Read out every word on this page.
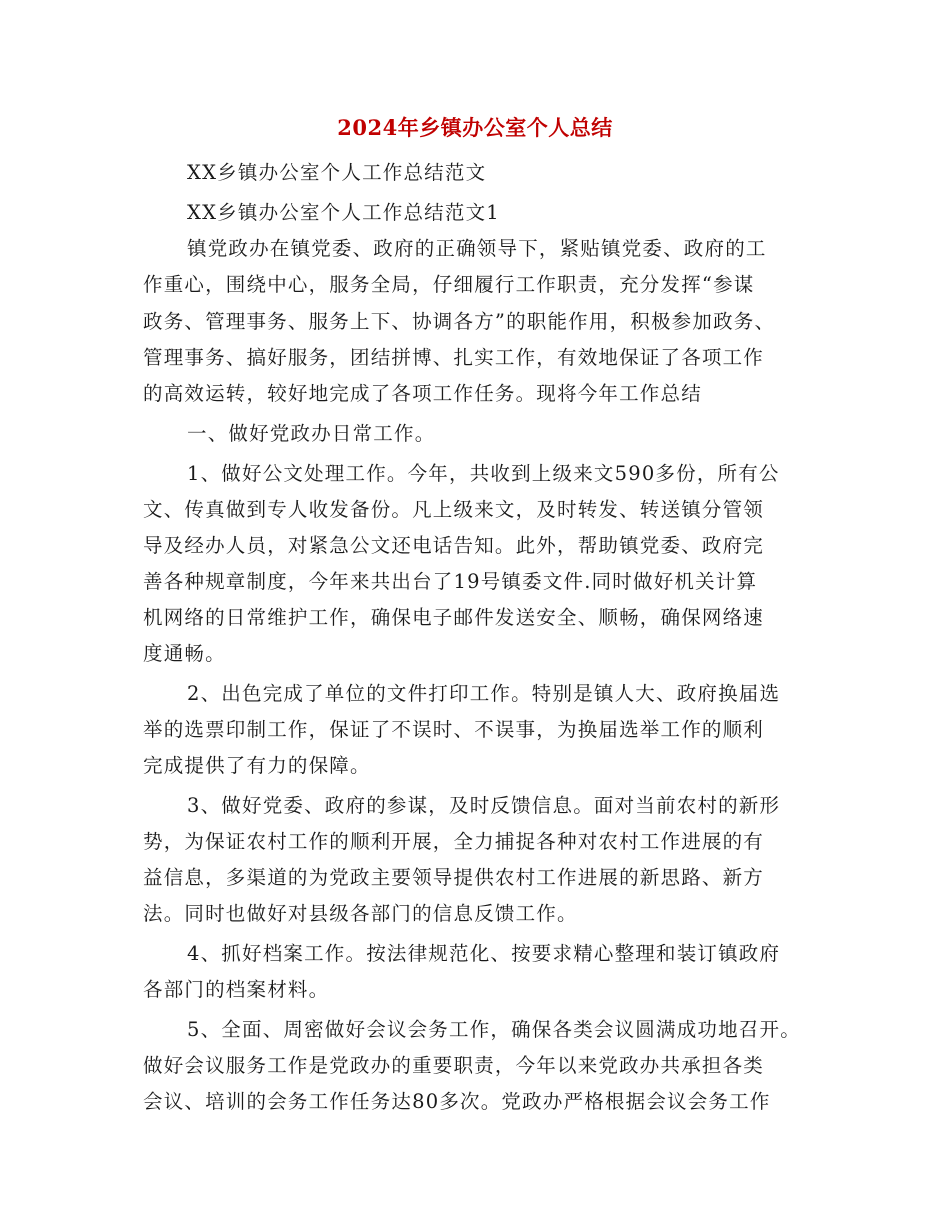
2024年乡镇办公室个人总结
XX乡镇办公室个人工作总结范文
XX乡镇办公室个人工作总结范文1
镇党政办在镇党委、政府的正确领导下，紧贴镇党委、政府的工
作重心，围绕中心，服务全局，仔细履行工作职责，充分发挥“参谋
政务、管理事务、服务上下、协调各方”的职能作用，积极参加政务、
管理事务、搞好服务，团结拼博、扎实工作，有效地保证了各项工作
的高效运转，较好地完成了各项工作任务。现将今年工作总结
一、做好党政办日常工作。
1、做好公文处理工作。今年，共收到上级来文590多份，所有公
文、传真做到专人收发备份。凡上级来文，及时转发、转送镇分管领
导及经办人员，对紧急公文还电话告知。此外，帮助镇党委、政府完
善各种规章制度，今年来共出台了19号镇委文件.同时做好机关计算
机网络的日常维护工作，确保电子邮件发送安全、顺畅，确保网络速
度通畅。
2、出色完成了单位的文件打印工作。特别是镇人大、政府换届选
举的选票印制工作，保证了不误时、不误事，为换届选举工作的顺利
完成提供了有力的保障。
3、做好党委、政府的参谋，及时反馈信息。面对当前农村的新形
势，为保证农村工作的顺利开展，全力捕捉各种对农村工作进展的有
益信息，多渠道的为党政主要领导提供农村工作进展的新思路、新方
法。同时也做好对县级各部门的信息反馈工作。
4、抓好档案工作。按法律规范化、按要求精心整理和装订镇政府
各部门的档案材料。
5、全面、周密做好会议会务工作，确保各类会议圆满成功地召开。
做好会议服务工作是党政办的重要职责，今年以来党政办共承担各类
会议、培训的会务工作任务达80多次。党政办严格根据会议会务工作
